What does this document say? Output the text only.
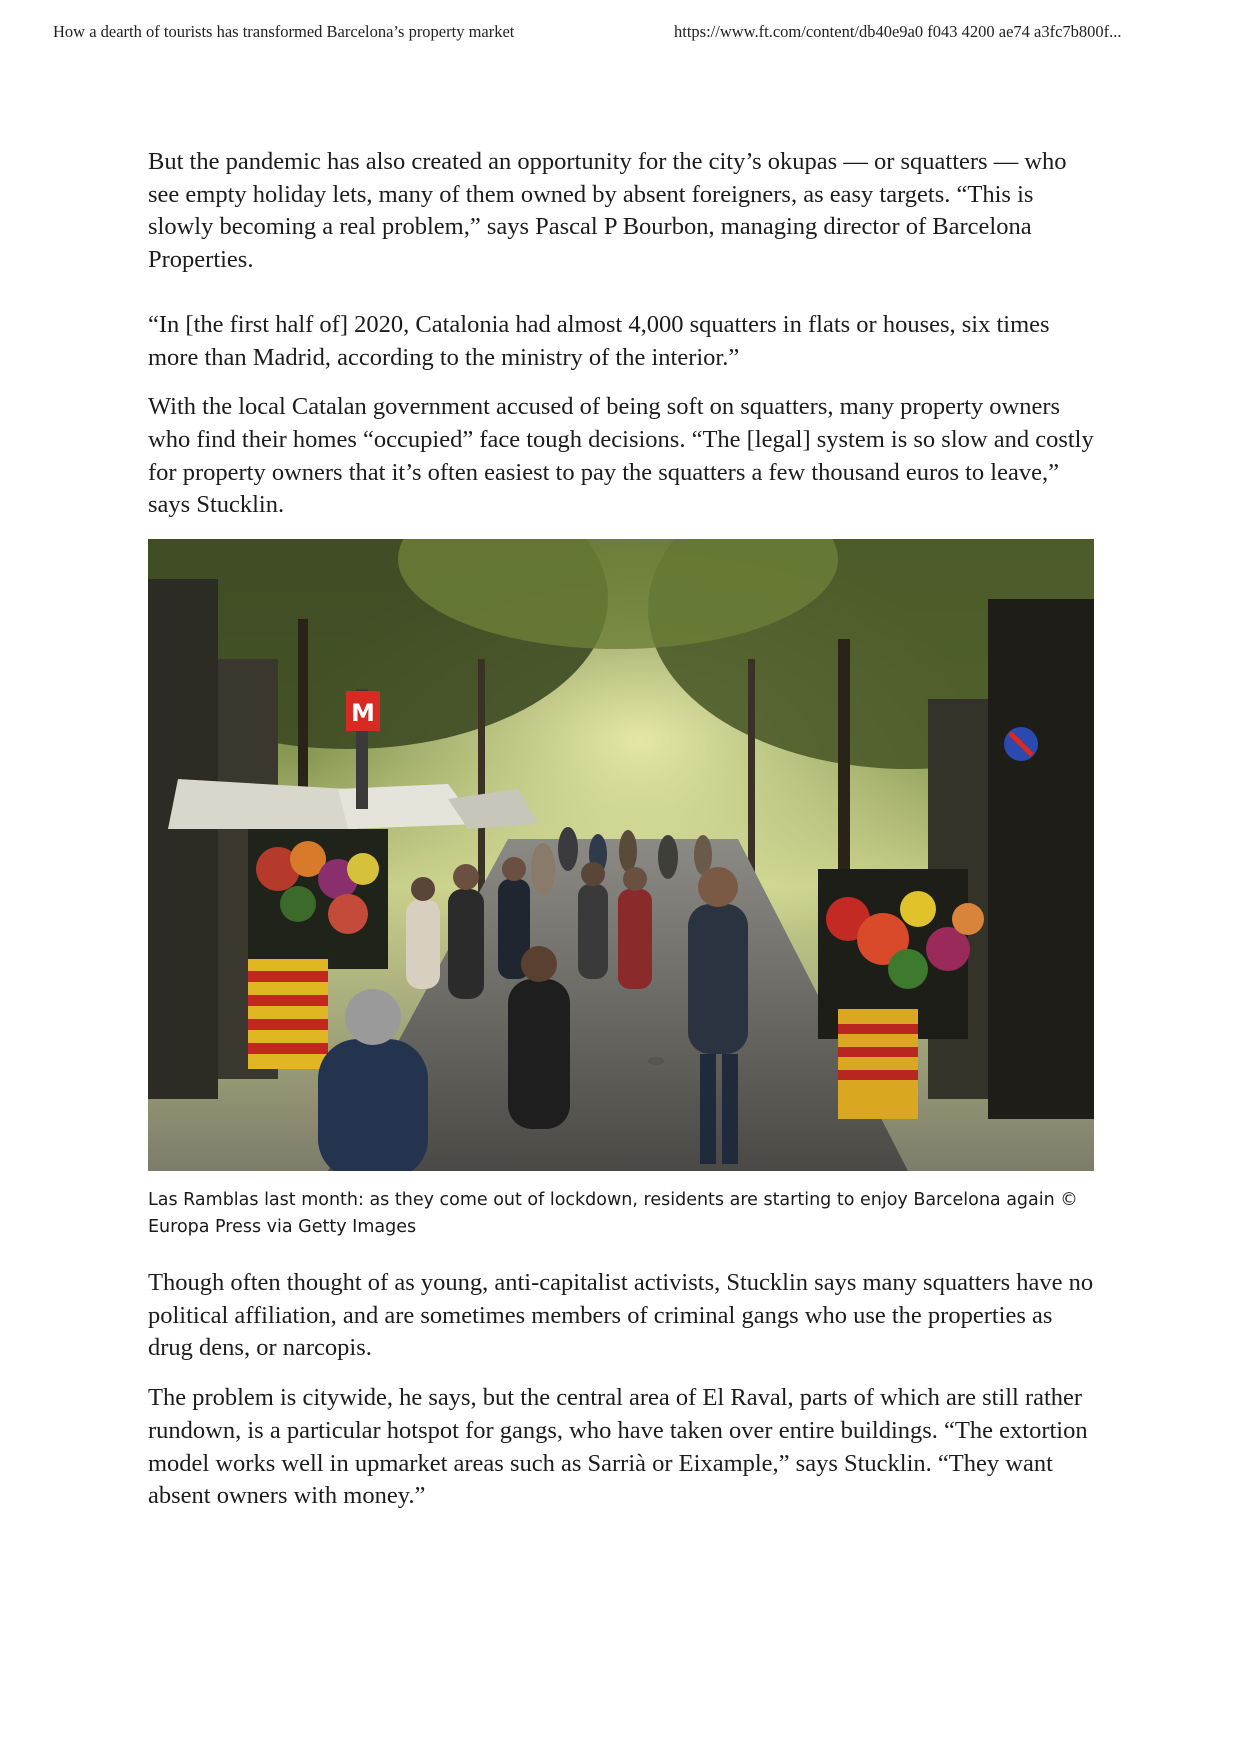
How a dearth of tourists has transformed Barcelona’s property market	https://www.ft.com/content/db40e9a0 f043 4200 ae74 a3fc7b800f...

But the pandemic has also created an opportunity for the city’s okupas — or squatters — who see empty holiday lets, many of them owned by absent foreigners, as easy targets. “This is slowly becoming a real problem,” says Pascal P Bourbon, managing director of Barcelona Properties.

“In [the first half of] 2020, Catalonia had almost 4,000 squatters in flats or houses, six times more than Madrid, according to the ministry of the interior.”

With the local Catalan government accused of being soft on squatters, many property owners who find their homes “occupied” face tough decisions. “The [legal] system is so slow and costly for property owners that it’s often easiest to pay the squatters a few thousand euros to leave,” says Stucklin.

M
Las Ramblas last month: as they come out of lockdown, residents are starting to enjoy Barcelona again © Europa Press via Getty Images

Though often thought of as young, anti-capitalist activists, Stucklin says many squatters have no political affiliation, and are sometimes members of criminal gangs who use the properties as drug dens, or narcopis.

The problem is citywide, he says, but the central area of El Raval, parts of which are still rather rundown, is a particular hotspot for gangs, who have taken over entire buildings. “The extortion model works well in upmarket areas such as Sarrià or Eixample,” says Stucklin. “They want absent owners with money.”
